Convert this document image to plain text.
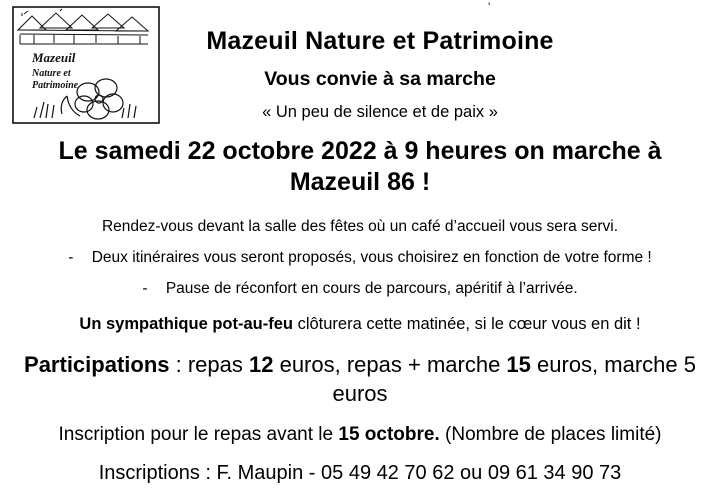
'
Mazeuil
Nature et
Patrimoine
Mazeuil Nature et Patrimoine
Vous convie à sa marche
« Un peu de silence et de paix »
Le samedi 22 octobre 2022 à 9 heures on marche à Mazeuil 86 !
Rendez-vous devant la salle des fêtes où un café d’accueil vous sera servi.
- Deux itinéraires vous seront proposés, vous choisirez en fonction de votre forme !
- Pause de réconfort en cours de parcours, apéritif à l’arrivée.
Un sympathique pot-au-feu clôturera cette matinée, si le cœur vous en dit !
Participations : repas 12 euros, repas + marche 15 euros, marche 5 euros
Inscription pour le repas avant le 15 octobre. (Nombre de places limité)
Inscriptions : F. Maupin - 05 49 42 70 62 ou 09 61 34 90 73
